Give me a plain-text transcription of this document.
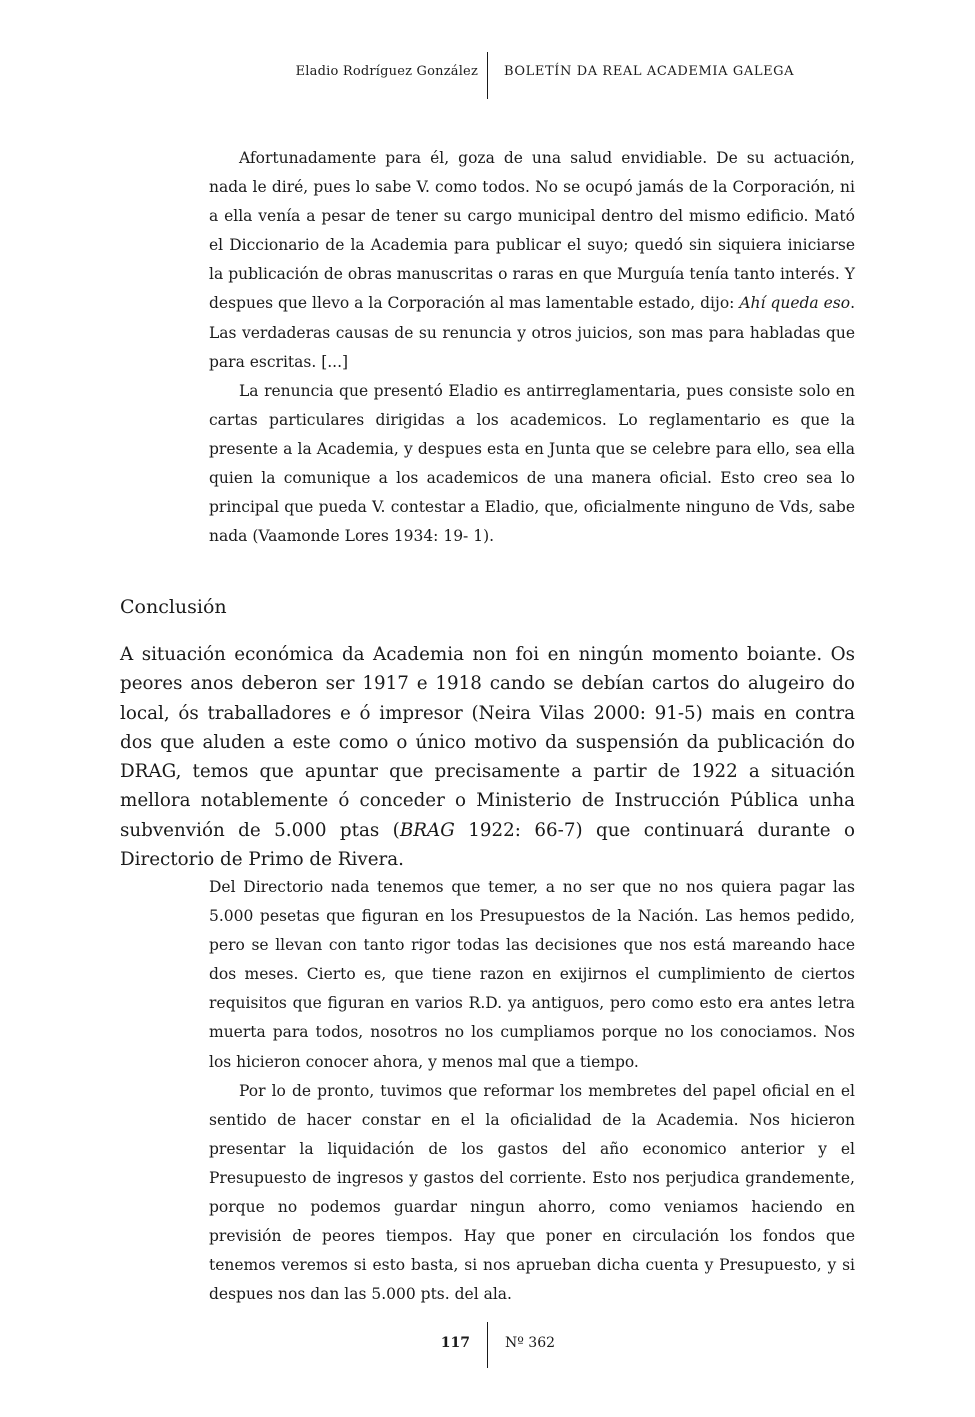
Eladio Rodríguez González BOLETÍN DA REAL ACADEMIA GALEGA

Afortunadamente para él, goza de una salud envidiable. De su actuación, nada le diré, pues lo sabe V. como todos. No se ocupó jamás de la Corporación, ni a ella venía a pesar de tener su cargo municipal dentro del mismo edificio. Mató el Diccionario de la Academia para publicar el suyo; quedó sin siquiera iniciarse la publicación de obras manuscritas o raras en que Murguía tenía tanto interés. Y despues que llevo a la Corporación al mas lamentable estado, dijo: Ahí queda eso. Las verdaderas causas de su renuncia y otros juicios, son mas para habladas que para escritas. [...]

La renuncia que presentó Eladio es antirreglamentaria, pues consiste solo en cartas particulares dirigidas a los academicos. Lo reglamentario es que la presente a la Academia, y despues esta en Junta que se celebre para ello, sea ella quien la comunique a los academicos de una manera oficial. Esto creo sea lo principal que pueda V. contestar a Eladio, que, oficialmente ninguno de Vds, sabe nada (Vaamonde Lores 1934: 19- 1).

Conclusión

A situación económica da Academia non foi en ningún momento boiante. Os peores anos deberon ser 1917 e 1918 cando se debían cartos do alugeiro do local, ós traballadores e ó impresor (Neira Vilas 2000: 91-5) mais en contra dos que aluden a este como o único motivo da suspensión da publicación do DRAG, temos que apuntar que precisamente a partir de 1922 a situación mellora notablemente ó conceder o Ministerio de Instrucción Pública unha subvenvión de 5.000 ptas (BRAG 1922: 66-7) que continuará durante o Directorio de Primo de Rivera.

Del Directorio nada tenemos que temer, a no ser que no nos quiera pagar las 5.000 pesetas que figuran en los Presupuestos de la Nación. Las hemos pedido, pero se llevan con tanto rigor todas las decisiones que nos está mareando hace dos meses. Cierto es, que tiene razon en exijirnos el cumplimiento de ciertos requisitos que figuran en varios R.D. ya antiguos, pero como esto era antes letra muerta para todos, nosotros no los cumpliamos porque no los conociamos. Nos los hicieron conocer ahora, y menos mal que a tiempo.

Por lo de pronto, tuvimos que reformar los membretes del papel oficial en el sentido de hacer constar en el la oficialidad de la Academia. Nos hicieron presentar la liquidación de los gastos del año economico anterior y el Presupuesto de ingresos y gastos del corriente. Esto nos perjudica grandemente, porque no podemos guardar ningun ahorro, como veniamos haciendo en previsión de peores tiempos. Hay que poner en circulación los fondos que tenemos veremos si esto basta, si nos aprueban dicha cuenta y Presupuesto, y si despues nos dan las 5.000 pts. del ala.

117	Nº 362
